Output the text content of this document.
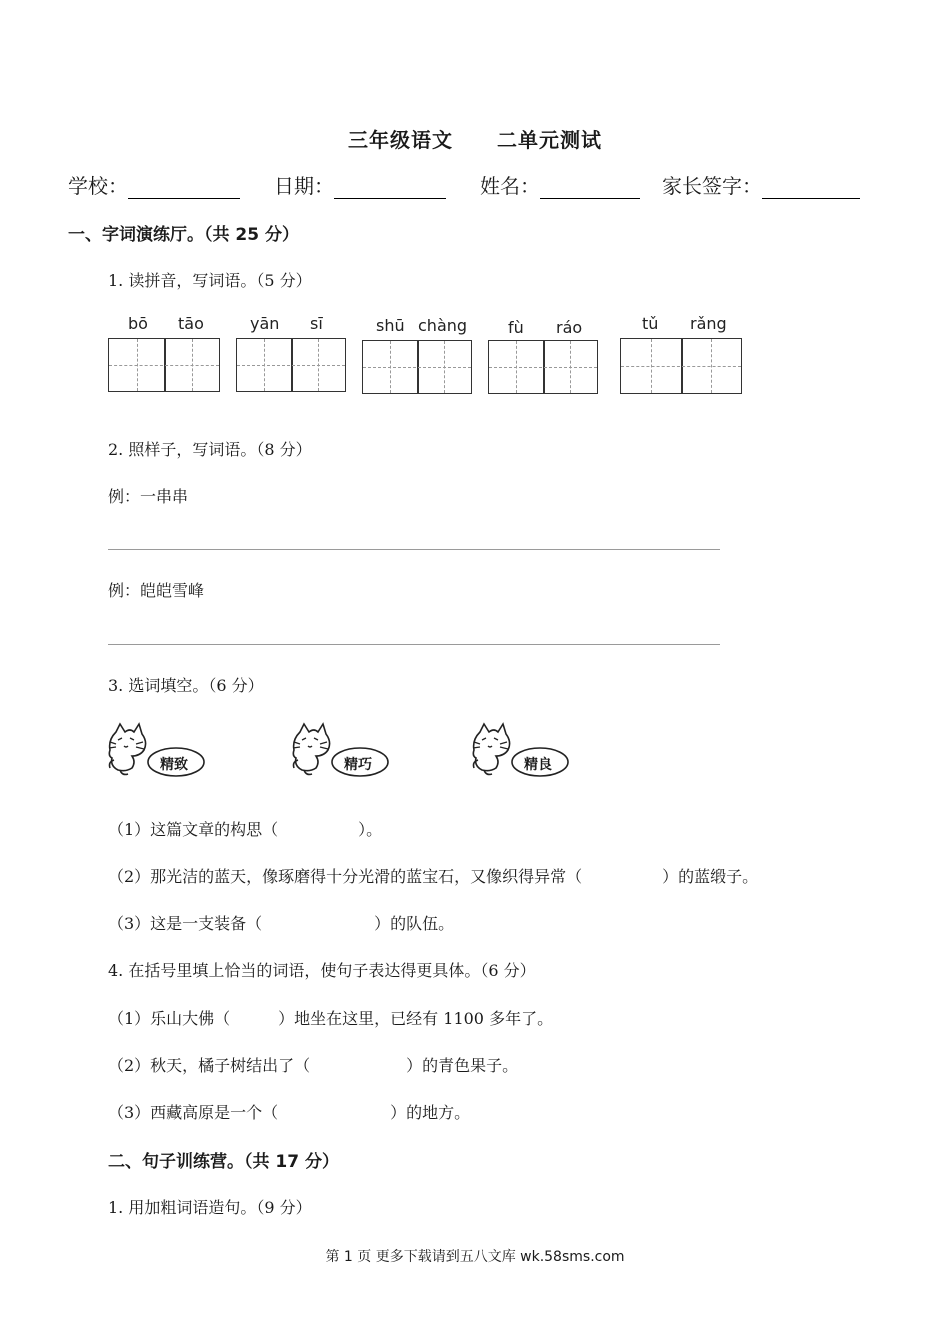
三年级语文 二单元测试
学校：	日期：	姓名：	家长签字：
一、字词演练厅。（共 25 分）
1. 读拼音，写词语。（5 分）
bō tāo	yān sī	shū chàng	fù ráo	tǔ rǎng
2. 照样子，写词语。（8 分）
例：一串串
例：皑皑雪峰
3. 选词填空。（6 分）
精致	精巧	精良
（1）这篇文章的构思（　　　　　）。
（2）那光洁的蓝天，像琢磨得十分光滑的蓝宝石，又像织得异常（　　　　　）的蓝缎子。
（3）这是一支装备（　　　　　　　）的队伍。
4. 在括号里填上恰当的词语，使句子表达得更具体。（6 分）
（1）乐山大佛（　　　）地坐在这里，已经有 1100 多年了。
（2）秋天，橘子树结出了（　　　　　　）的青色果子。
（3）西藏高原是一个（　　　　　　　）的地方。
二、句子训练营。（共 17 分）
1. 用加粗词语造句。（9 分）
第 1 页 更多下载请到五八文库 wk.58sms.com
